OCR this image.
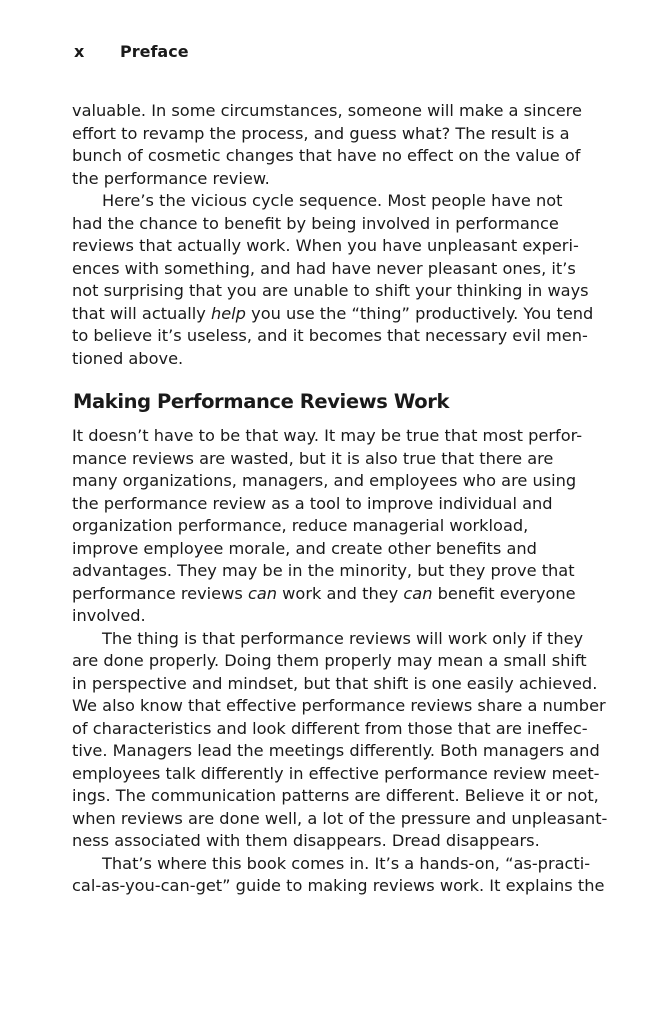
x Preface
valuable. In some circumstances, someone will make a sincere
effort to revamp the process, and guess what? The result is a
bunch of cosmetic changes that have no effect on the value of
the performance review.
Here’s the vicious cycle sequence. Most people have not
had the chance to benefit by being involved in performance
reviews that actually work. When you have unpleasant experi-
ences with something, and had have never pleasant ones, it’s
not surprising that you are unable to shift your thinking in ways
that will actually help you use the “thing” productively. You tend
to believe it’s useless, and it becomes that necessary evil men-
tioned above.
Making Performance Reviews Work
It doesn’t have to be that way. It may be true that most perfor-
mance reviews are wasted, but it is also true that there are
many organizations, managers, and employees who are using
the performance review as a tool to improve individual and
organization performance, reduce managerial workload,
improve employee morale, and create other benefits and
advantages. They may be in the minority, but they prove that
performance reviews can work and they can benefit everyone
involved.
The thing is that performance reviews will work only if they
are done properly. Doing them properly may mean a small shift
in perspective and mindset, but that shift is one easily achieved.
We also know that effective performance reviews share a number
of characteristics and look different from those that are ineffec-
tive. Managers lead the meetings differently. Both managers and
employees talk differently in effective performance review meet-
ings. The communication patterns are different. Believe it or not,
when reviews are done well, a lot of the pressure and unpleasant-
ness associated with them disappears. Dread disappears.
That’s where this book comes in. It’s a hands-on, “as-practi-
cal-as-you-can-get” guide to making reviews work. It explains the
